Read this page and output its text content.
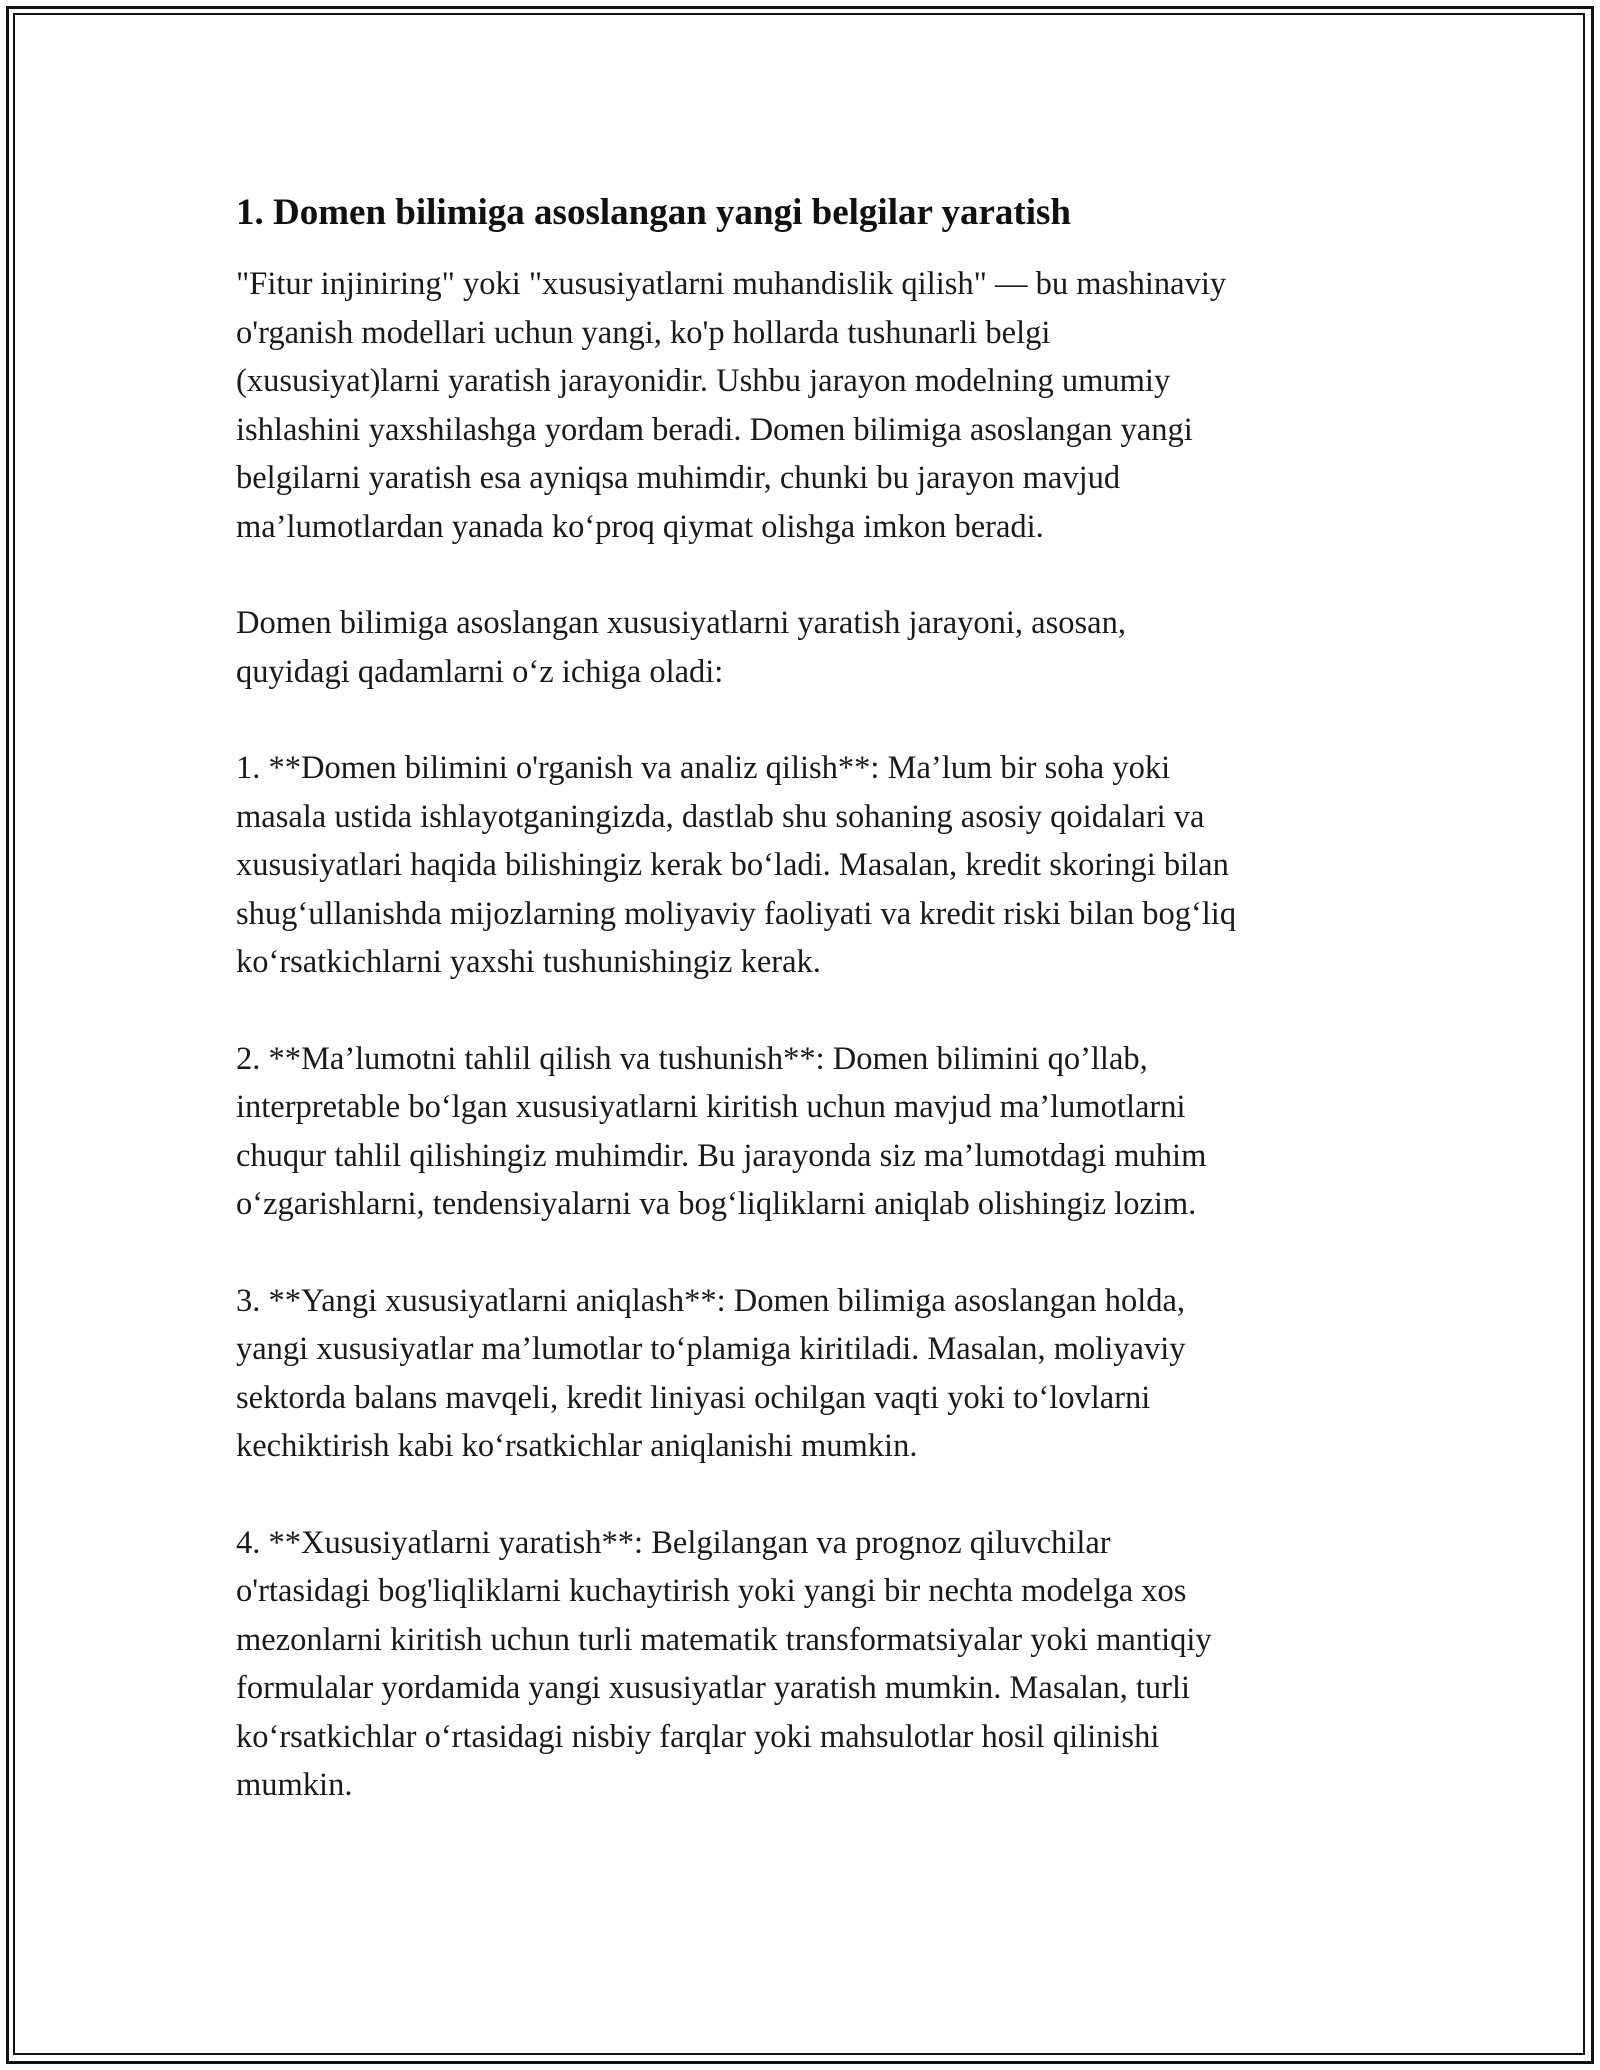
1. Domen bilimiga asoslangan yangi belgilar yaratish

"Fitur injiniring" yoki "xususiyatlarni muhandislik qilish" — bu mashinaviy
o'rganish modellari uchun yangi, ko'p hollarda tushunarli belgi
(xususiyat)larni yaratish jarayonidir. Ushbu jarayon modelning umumiy
ishlashini yaxshilashga yordam beradi. Domen bilimiga asoslangan yangi
belgilarni yaratish esa ayniqsa muhimdir, chunki bu jarayon mavjud
ma’lumotlardan yanada ko‘proq qiymat olishga imkon beradi.

Domen bilimiga asoslangan xususiyatlarni yaratish jarayoni, asosan,
quyidagi qadamlarni o‘z ichiga oladi:

1. **Domen bilimini o'rganish va analiz qilish**: Ma’lum bir soha yoki
masala ustida ishlayotganingizda, dastlab shu sohaning asosiy qoidalari va
xususiyatlari haqida bilishingiz kerak bo‘ladi. Masalan, kredit skoringi bilan
shug‘ullanishda mijozlarning moliyaviy faoliyati va kredit riski bilan bog‘liq
ko‘rsatkichlarni yaxshi tushunishingiz kerak.

2. **Ma’lumotni tahlil qilish va tushunish**: Domen bilimini qo’llab,
interpretable bo‘lgan xususiyatlarni kiritish uchun mavjud ma’lumotlarni
chuqur tahlil qilishingiz muhimdir. Bu jarayonda siz ma’lumotdagi muhim
o‘zgarishlarni, tendensiyalarni va bog‘liqliklarni aniqlab olishingiz lozim.

3. **Yangi xususiyatlarni aniqlash**: Domen bilimiga asoslangan holda,
yangi xususiyatlar ma’lumotlar to‘plamiga kiritiladi. Masalan, moliyaviy
sektorda balans mavqeli, kredit liniyasi ochilgan vaqti yoki to‘lovlarni
kechiktirish kabi ko‘rsatkichlar aniqlanishi mumkin.

4. **Xususiyatlarni yaratish**: Belgilangan va prognoz qiluvchilar
o'rtasidagi bog'liqliklarni kuchaytirish yoki yangi bir nechta modelga xos
mezonlarni kiritish uchun turli matematik transformatsiyalar yoki mantiqiy
formulalar yordamida yangi xususiyatlar yaratish mumkin. Masalan, turli
ko‘rsatkichlar o‘rtasidagi nisbiy farqlar yoki mahsulotlar hosil qilinishi
mumkin.
